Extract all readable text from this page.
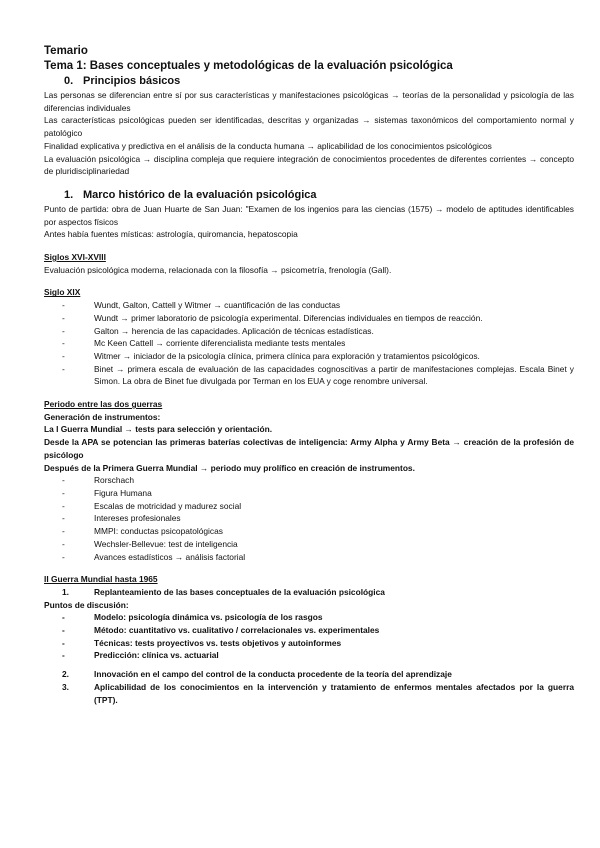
Temario
Tema 1: Bases conceptuales y metodológicas de la evaluación psicológica
0. Principios básicos

Las personas se diferencian entre sí por sus características y manifestaciones psicológicas → teorías de la personalidad y psicología de las diferencias individuales

Las características psicológicas pueden ser identificadas, descritas y organizadas → sistemas taxonómicos del comportamiento normal y patológico

Finalidad explicativa y predictiva en el análisis de la conducta humana → aplicabilidad de los conocimientos psicológicos

La evaluación psicológica → disciplina compleja que requiere integración de conocimientos procedentes de diferentes corrientes → concepto de pluridisciplinariedad

1. Marco histórico de la evaluación psicológica

Punto de partida: obra de Juan Huarte de San Juan: "Examen de los ingenios para las ciencias (1575) → modelo de aptitudes identificables por aspectos físicos

Antes había fuentes místicas: astrología, quiromancia, hepatoscopia

Siglos XVI-XVIII

Evaluación psicológica moderna, relacionada con la filosofía → psicometría, frenología (Gall).

Siglo XIX
- Wundt, Galton, Cattell y Witmer → cuantificación de las conductas
- Wundt → primer laboratorio de psicología experimental. Diferencias individuales en tiempos de reacción.
- Galton → herencia de las capacidades. Aplicación de técnicas estadísticas.
- Mc Keen Cattell → corriente diferencialista mediante tests mentales
- Witmer → iniciador de la psicología clínica, primera clínica para exploración y tratamientos psicológicos.
- Binet → primera escala de evaluación de las capacidades cognoscitivas a partir de manifestaciones complejas. Escala Binet y Simon. La obra de Binet fue divulgada por Terman en los EUA y coge renombre universal.
Periodo entre las dos guerras

Generación de instrumentos:

La I Guerra Mundial → tests para selección y orientación.

Desde la APA se potencian las primeras baterías colectivas de inteligencia: Army Alpha y Army Beta → creación de la profesión de psicólogo

Después de la Primera Guerra Mundial → periodo muy prolífico en creación de instrumentos.

- Rorschach
- Figura Humana
- Escalas de motricidad y madurez social
- Intereses profesionales
- MMPI: conductas psicopatológicas
- Wechsler-Bellevue: test de inteligencia
- Avances estadísticos → análisis factorial
II Guerra Mundial hasta 1965
1.	Replanteamiento de las bases conceptuales de la evaluación psicológica

Puntos de discusión:

- Modelo: psicología dinámica vs. psicología de los rasgos
- Método: cuantitativo vs. cualitativo / correlacionales vs. experimentales
- Técnicas: tests proyectivos vs. tests objetivos y autoinformes
- Predicción: clínica vs. actuarial
2.	Innovación en el campo del control de la conducta procedente de la teoría del aprendizaje
3.	Aplicabilidad de los conocimientos en la intervención y tratamiento de enfermos mentales afectados por la guerra (TPT).
